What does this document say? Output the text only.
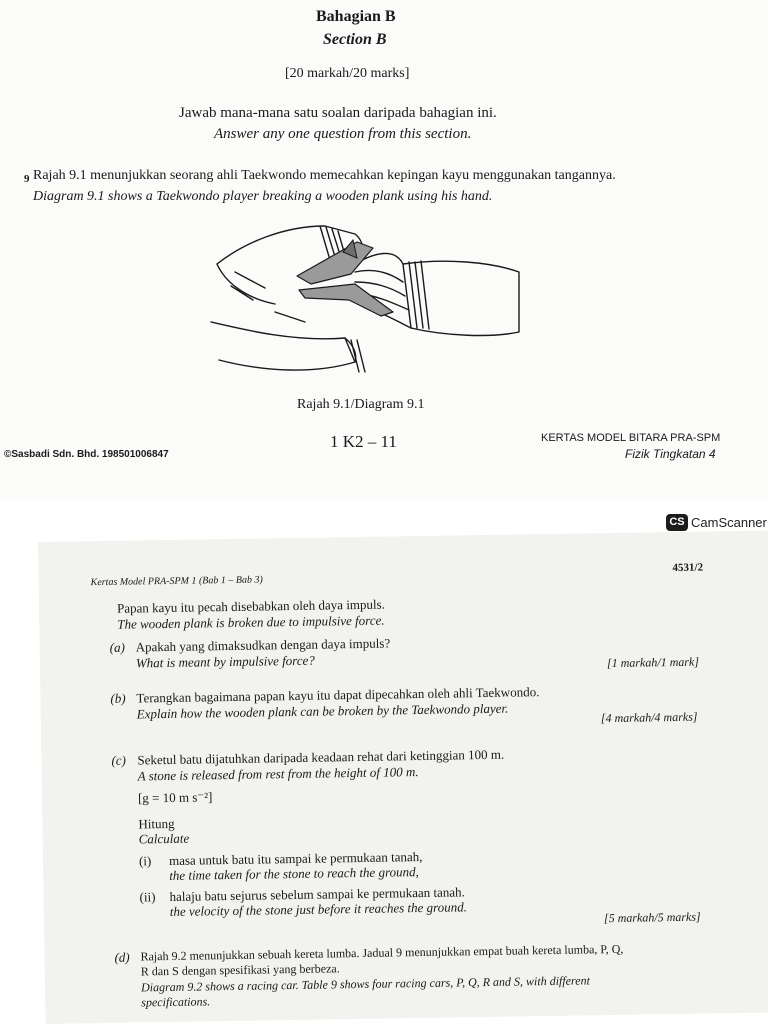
Bahagian B
Section B
[20 markah/20 marks]
Jawab mana-mana satu soalan daripada bahagian ini.
Answer any one question from this section.
9 Rajah 9.1 menunjukkan seorang ahli Taekwondo memecahkan kepingan kayu menggunakan tangannya.
Diagram 9.1 shows a Taekwondo player breaking a wooden plank using his hand.
Rajah 9.1/Diagram 9.1
©Sasbadi Sdn. Bhd. 198501006847
1 K2 – 11	KERTAS MODEL BITARA PRA-SPM
Fizik Tingkatan 4
CS CamScanner
Kertas Model PRA-SPM 1 (Bab 1 – Bab 3)
4531/2
Papan kayu itu pecah disebabkan oleh daya impuls.
The wooden plank is broken due to impulsive force.
(a) Apakah yang dimaksudkan dengan daya impuls?
What is meant by impulsive force?	[1 markah/1 mark]
(b) Terangkan bagaimana papan kayu itu dapat dipecahkan oleh ahli Taekwondo.
Explain how the wooden plank can be broken by the Taekwondo player.	[4 markah/4 marks]
(c) Seketul batu dijatuhkan daripada keadaan rehat dari ketinggian 100 m.
A stone is released from rest from the height of 100 m.
[g = 10 m s⁻²]
Hitung
Calculate
(i) masa untuk batu itu sampai ke permukaan tanah,
the time taken for the stone to reach the ground,
(ii) halaju batu sejurus sebelum sampai ke permukaan tanah.
the velocity of the stone just before it reaches the ground.	[5 markah/5 marks]
(d) Rajah 9.2 menunjukkan sebuah kereta lumba. Jadual 9 menunjukkan empat buah kereta lumba, P, Q,
R dan S dengan spesifikasi yang berbeza.
Diagram 9.2 shows a racing car. Table 9 shows four racing cars, P, Q, R and S, with different
specifications.
